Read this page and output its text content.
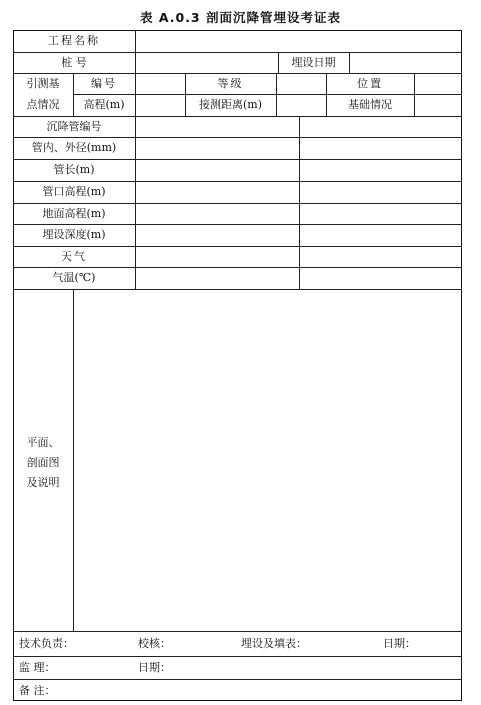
表 A.0.3 剖面沉降管埋设考证表
工程名称
桩 号	埋设日期
引测基
点情况
编号	等级	位置
高程(m)	接测距离(m)	基础情况
沉降管编号
管内、外径(mm)
管长(m)
管口高程(m)
地面高程(m)
埋设深度(m)
天气
气温(℃)
平面、
剖面图
及说明
技术负责：	校核：	埋设及填表：	日期：
监 理：	日期：
备 注：
